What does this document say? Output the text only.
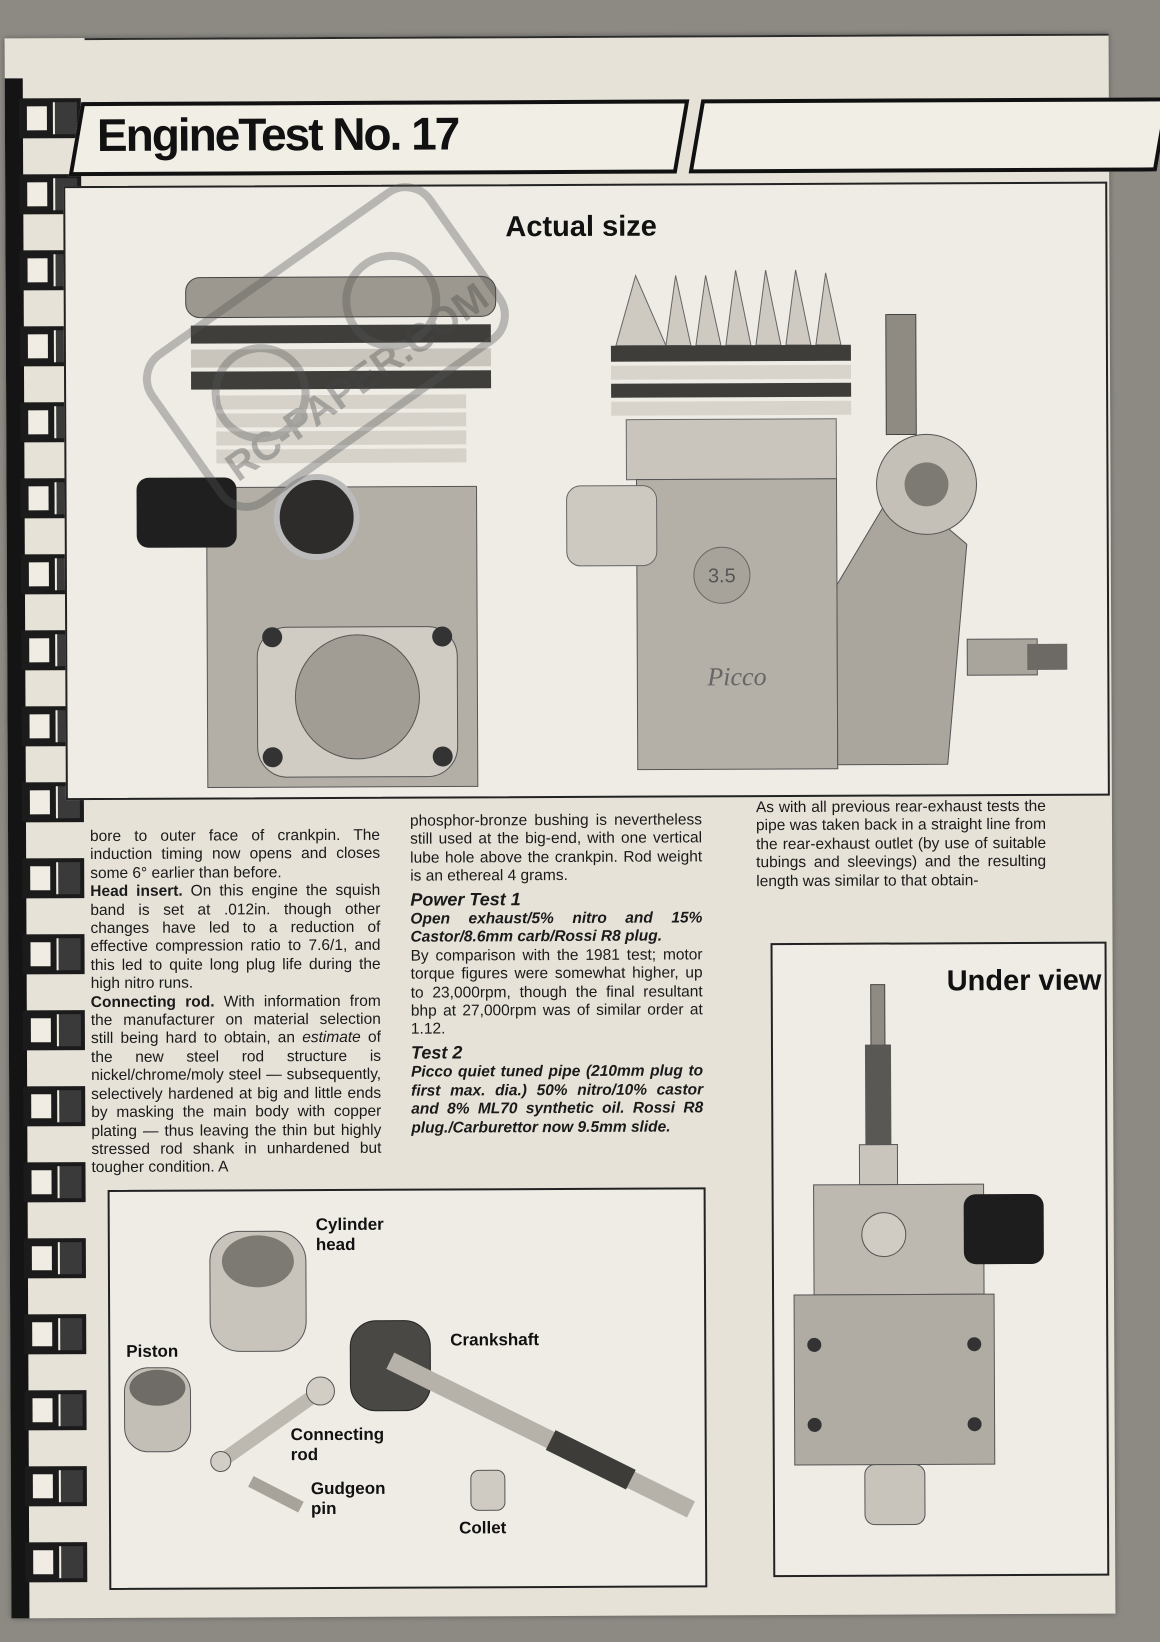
EngineTest No. 17
3.5
Picco
Actual size
RC-PAPER.COM

bore to outer face of crankpin. The induction timing now opens and closes some 6° earlier than before.

Head insert. On this engine the squish band is set at .012in. though other changes have led to a reduction of effective compression ratio to 7.6/1, and this led to quite long plug life during the high nitro runs.

Connecting rod. With information from the manufacturer on material selection still being hard to obtain, an estimate of the new steel rod structure is nickel/chrome/moly steel — subsequently, selectively hardened at big and little ends by masking the main body with copper plating — thus leaving the thin but highly stressed rod shank in unhardened but tougher condition. A

phosphor-bronze bushing is nevertheless still used at the big-end, with one vertical lube hole above the crankpin. Rod weight is an ethereal 4 grams.

Power Test 1

Open exhaust/5% nitro and 15% Castor/8.6mm carb/Rossi R8 plug.

By comparison with the 1981 test; motor torque figures were somewhat higher, up to 23,000rpm, though the final resultant bhp at 27,000rpm was of similar order at 1.12.

Test 2

Picco quiet tuned pipe (210mm plug to first max. dia.) 50% nitro/10% castor and 8% ML70 synthetic oil. Rossi R8 plug./Carburettor now 9.5mm slide.

As with all previous rear-exhaust tests the pipe was taken back in a straight line from the rear-exhaust outlet (by use of suitable tubings and sleevings) and the resulting length was similar to that obtain-

Cylinder head
Piston
Crankshaft
Connecting rod
Gudgeon pin
Collet
Under view
